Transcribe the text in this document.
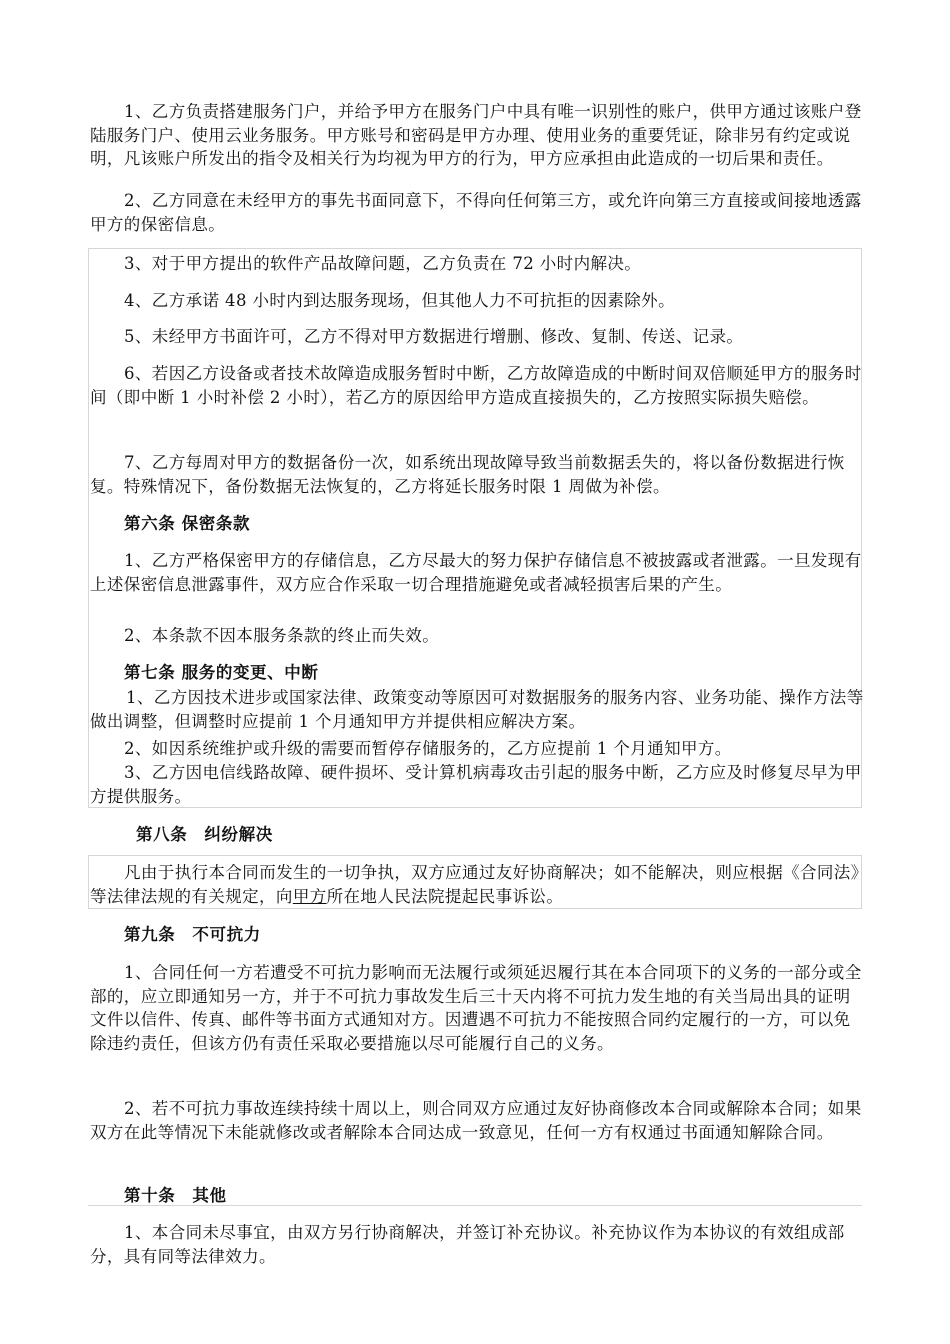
1、乙方负责搭建服务门户，并给予甲方在服务门户中具有唯一识别性的账户，供甲方通过该账户登陆服务门户、使用云业务服务。甲方账号和密码是甲方办理、使用业务的重要凭证，除非另有约定或说明，凡该账户所发出的指令及相关行为均视为甲方的行为，甲方应承担由此造成的一切后果和责任。

2、乙方同意在未经甲方的事先书面同意下，不得向任何第三方，或允许向第三方直接或间接地透露甲方的保密信息。

3、对于甲方提出的软件产品故障问题，乙方负责在 72 小时内解决。

4、乙方承诺 48 小时内到达服务现场，但其他人力不可抗拒的因素除外。

5、未经甲方书面许可，乙方不得对甲方数据进行增删、修改、复制、传送、记录。

6、若因乙方设备或者技术故障造成服务暂时中断，乙方故障造成的中断时间双倍顺延甲方的服务时间（即中断 1 小时补偿 2 小时），若乙方的原因给甲方造成直接损失的，乙方按照实际损失赔偿。

7、乙方每周对甲方的数据备份一次，如系统出现故障导致当前数据丢失的，将以备份数据进行恢复。特殊情况下，备份数据无法恢复的，乙方将延长服务时限 1 周做为补偿。

第六条 保密条款

1、乙方严格保密甲方的存储信息，乙方尽最大的努力保护存储信息不被披露或者泄露。一旦发现有上述保密信息泄露事件，双方应合作采取一切合理措施避免或者减轻损害后果的产生。

2、本条款不因本服务条款的终止而失效。

第七条 服务的变更、中断

1、乙方因技术进步或国家法律、政策变动等原因可对数据服务的服务内容、业务功能、操作方法等做出调整，但调整时应提前 1 个月通知甲方并提供相应解决方案。

2、如因系统维护或升级的需要而暂停存储服务的，乙方应提前 1 个月通知甲方。

3、乙方因电信线路故障、硬件损坏、受计算机病毒攻击引起的服务中断，乙方应及时修复尽早为甲方提供服务。

第八条　纠纷解决

凡由于执行本合同而发生的一切争执，双方应通过友好协商解决；如不能解决，则应根据《合同法》等法律法规的有关规定，向甲方所在地人民法院提起民事诉讼。

第九条　不可抗力

1、合同任何一方若遭受不可抗力影响而无法履行或须延迟履行其在本合同项下的义务的一部分或全部的，应立即通知另一方，并于不可抗力事故发生后三十天内将不可抗力发生地的有关当局出具的证明文件以信件、传真、邮件等书面方式通知对方。因遭遇不可抗力不能按照合同约定履行的一方，可以免除违约责任，但该方仍有责任采取必要措施以尽可能履行自己的义务。

2、若不可抗力事故连续持续十周以上，则合同双方应通过友好协商修改本合同或解除本合同；如果双方在此等情况下未能就修改或者解除本合同达成一致意见，任何一方有权通过书面通知解除合同。

第十条　其他

1、本合同未尽事宜，由双方另行协商解决，并签订补充协议。补充协议作为本协议的有效组成部分，具有同等法律效力。
